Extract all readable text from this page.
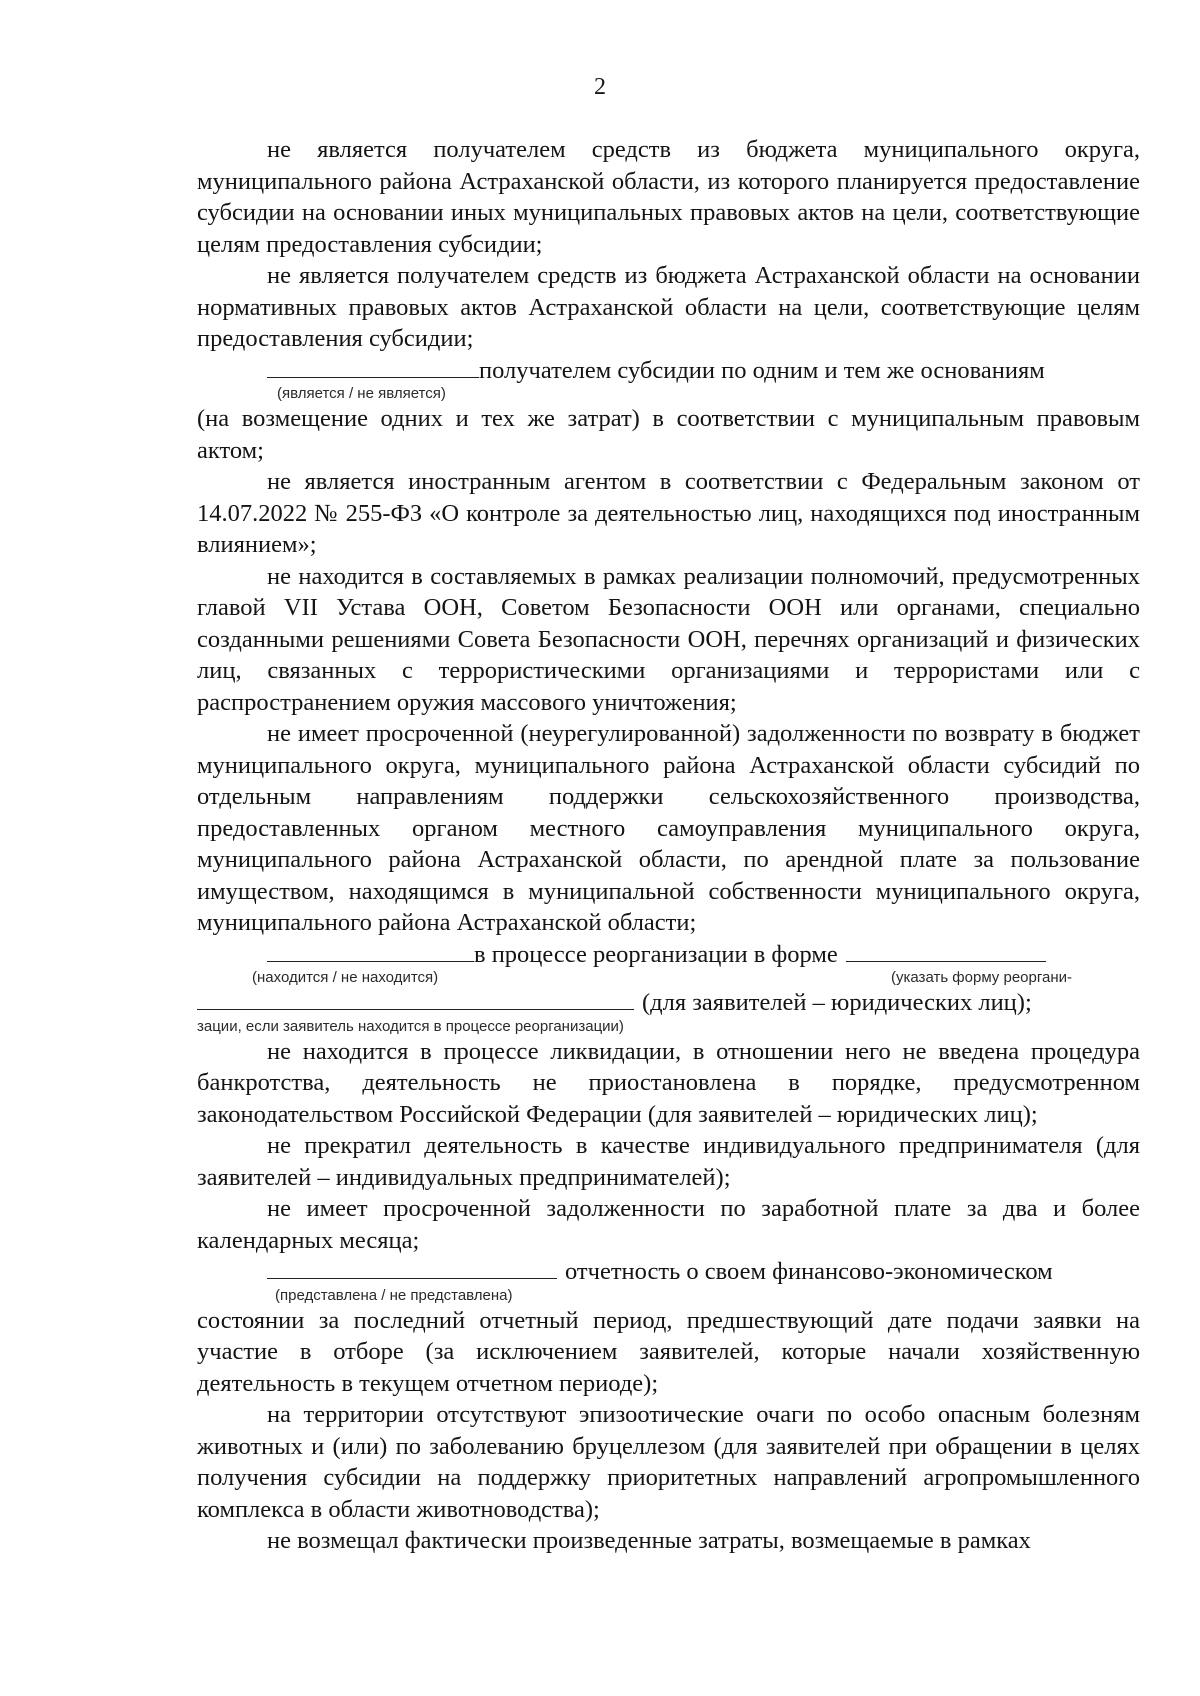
2

не является получателем средств из бюджета муниципального округа, муниципального района Астраханской области, из которого планируется предоставление субсидии на основании иных муниципальных правовых актов на цели, соответствующие целям предоставления субсидии;

не является получателем средств из бюджета Астраханской области на основании нормативных правовых актов Астраханской области на цели, соответствующие целям предоставления субсидии;

получателем субсидии по одним и тем же основаниям
(является / не является)

(на возмещение одних и тех же затрат) в соответствии с муниципальным правовым актом;

не является иностранным агентом в соответствии с Федеральным законом от 14.07.2022 № 255-ФЗ «О контроле за деятельностью лиц, находящихся под иностранным влиянием»;

не находится в составляемых в рамках реализации полномочий, предусмотренных главой VII Устава ООН, Советом Безопасности ООН или органами, специально созданными решениями Совета Безопасности ООН, перечнях организаций и физических лиц, связанных с террористическими организациями и террористами или с распространением оружия массового уничтожения;

не имеет просроченной (неурегулированной) задолженности по возврату в бюджет муниципального округа, муниципального района Астраханской области субсидий по отдельным направлениям поддержки сельскохозяйственного производства, предоставленных органом местного самоуправления муниципального округа, муниципального района Астраханской области, по арендной плате за пользование имуществом, находящимся в муниципальной собственности муниципального округа, муниципального района Астраханской области;

в процессе реорганизации в форме
(находится / не находится)	(указать форму реоргани-
(для заявителей – юридических лиц);
зации, если заявитель находится в процессе реорганизации)

не находится в процессе ликвидации, в отношении него не введена процедура банкротства, деятельность не приостановлена в порядке, предусмотренном законодательством Российской Федерации (для заявителей – юридических лиц);

не прекратил деятельность в качестве индивидуального предпринимателя (для заявителей – индивидуальных предпринимателей);

не имеет просроченной задолженности по заработной плате за два и более календарных месяца;

отчетность о своем финансово-экономическом
(представлена / не представлена)

состоянии за последний отчетный период, предшествующий дате подачи заявки на участие в отборе (за исключением заявителей, которые начали хозяйственную деятельность в текущем отчетном периоде);

на территории отсутствуют эпизоотические очаги по особо опасным болезням животных и (или) по заболеванию бруцеллезом (для заявителей при обращении в целях получения субсидии на поддержку приоритетных направлений агропромышленного комплекса в области животноводства);

не возмещал фактически произведенные затраты, возмещаемые в рамках
